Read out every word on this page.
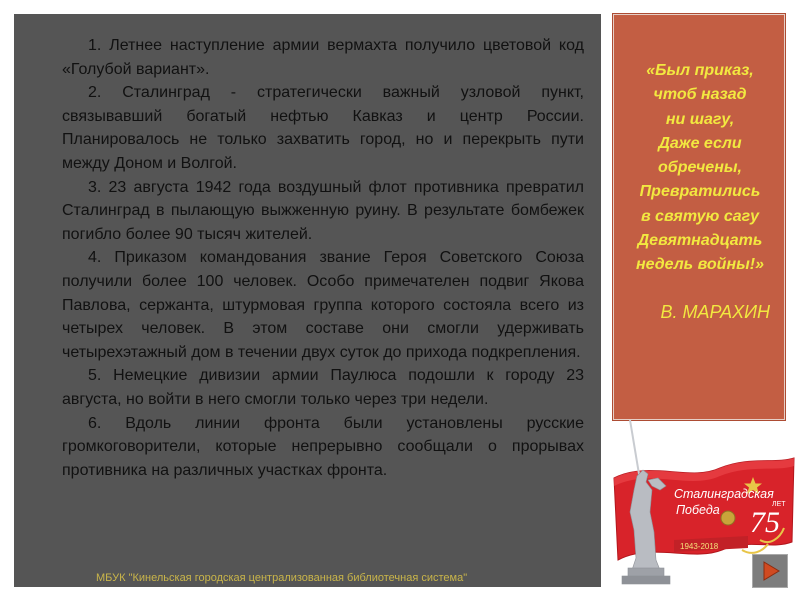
1. Летнее наступление армии вермахта получило цветовой код «Голубой вариант».

2. Сталинград - стратегически важный узловой пункт, связывавший богатый нефтью Кавказ и центр России. Планировалось не только захватить город, но и перекрыть пути между Доном и Волгой.

3. 23 августа 1942 года воздушный флот противника превратил Сталинград в пылающую выжженную руину. В результате бомбежек погибло более 90 тысяч жителей.

4. Приказом командования звание Героя Советского Союза получили более 100 человек. Особо примечателен подвиг Якова Павлова, сержанта, штурмовая группа которого состояла всего из четырех человек. В этом составе они смогли удерживать четырехэтажный дом в течении двух суток до прихода подкрепления.

5. Немецкие дивизии армии Паулюса подошли к городу 23 августа, но войти в него смогли только через три недели.

6. Вдоль линии фронта были установлены русские громкоговорители, которые непрерывно сообщали о прорывах противника на различных участках фронта.

МБУК "Кинельская городская централизованная библиотечная система"
«Был приказ,
чтоб назад
ни шагу,
Даже если
обречены,
Превратились
в святую сагу
Девятнадцать
недель войны!»
В. МАРАХИН
Сталинградская
Победа 75
ЛЕТ
1943-2018
